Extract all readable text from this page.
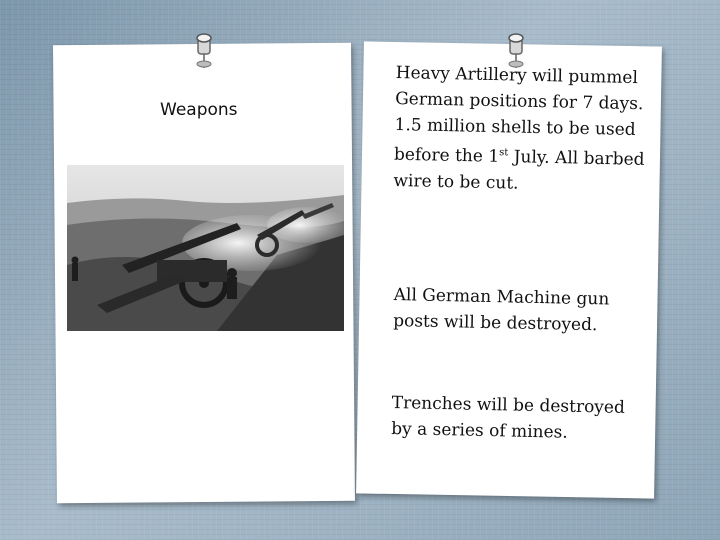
Weapons

Heavy Artillery will pummel German positions for 7 days. 1.5 million shells to be used before the 1st July. All barbed wire to be cut.

All German Machine gun posts will be destroyed.

Trenches will be destroyed by a series of mines.
